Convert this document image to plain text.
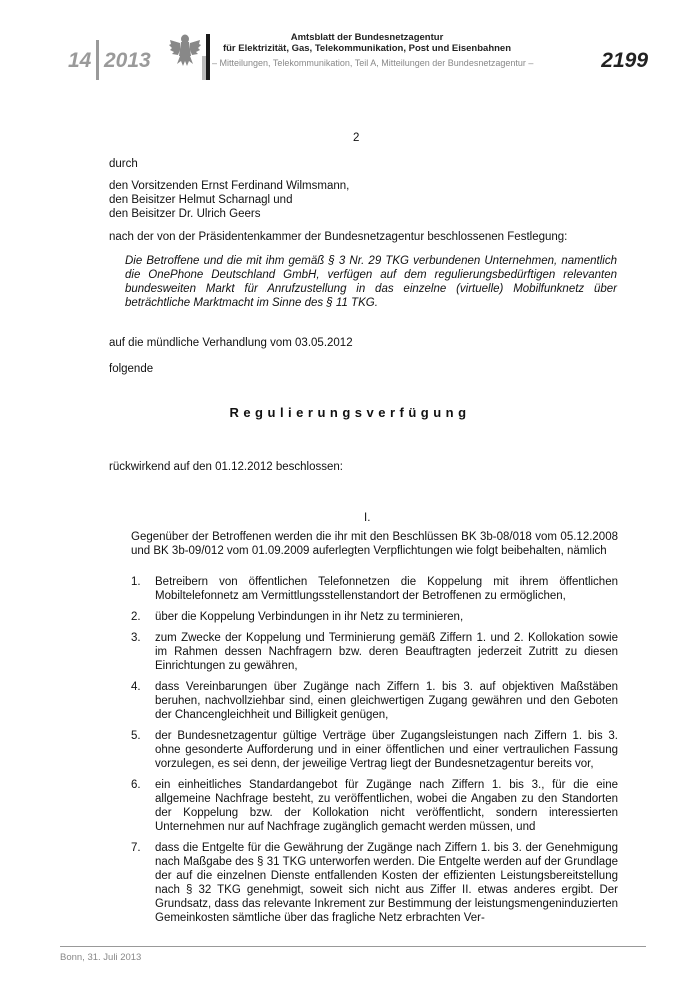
14 2013
Amtsblatt der Bundesnetzagentur
für Elektrizität, Gas, Telekommunikation, Post und Eisenbahnen
– Mitteilungen, Telekommunikation, Teil A, Mitteilungen der Bundesnetzagentur –	2199
2
durch
den Vorsitzenden Ernst Ferdinand Wilmsmann,
den Beisitzer Helmut Scharnagl und
den Beisitzer Dr. Ulrich Geers
nach der von der Präsidentenkammer der Bundesnetzagentur beschlossenen Festlegung:
Die Betroffene und die mit ihm gemäß § 3 Nr. 29 TKG verbundenen Unternehmen, namentlich die OnePhone Deutschland GmbH, verfügen auf dem regulierungsbedürftigen relevanten bundesweiten Markt für Anrufzustellung in das einzelne (virtuelle) Mobilfunknetz über beträchtliche Marktmacht im Sinne des § 11 TKG.
auf die mündliche Verhandlung vom 03.05.2012
folgende
Regulierungsverfügung
rückwirkend auf den 01.12.2012 beschlossen:
I.
Gegenüber der Betroffenen werden die ihr mit den Beschlüssen BK 3b-08/018 vom 05.12.2008 und BK 3b-09/012 vom 01.09.2009 auferlegten Verpflichtungen wie folgt beibehalten, nämlich
1. Betreibern von öffentlichen Telefonnetzen die Koppelung mit ihrem öffentlichen Mobiltelefonnetz am Vermittlungsstellenstandort der Betroffenen zu ermöglichen,
2. über die Koppelung Verbindungen in ihr Netz zu terminieren,
3. zum Zwecke der Koppelung und Terminierung gemäß Ziffern 1. und 2. Kollokation sowie im Rahmen dessen Nachfragern bzw. deren Beauftragten jederzeit Zutritt zu diesen Einrichtungen zu gewähren,
4. dass Vereinbarungen über Zugänge nach Ziffern 1. bis 3. auf objektiven Maßstäben beruhen, nachvollziehbar sind, einen gleichwertigen Zugang gewähren und den Geboten der Chancengleichheit und Billigkeit genügen,
5. der Bundesnetzagentur gültige Verträge über Zugangsleistungen nach Ziffern 1. bis 3. ohne gesonderte Aufforderung und in einer öffentlichen und einer vertraulichen Fassung vorzulegen, es sei denn, der jeweilige Vertrag liegt der Bundesnetzagentur bereits vor,
6. ein einheitliches Standardangebot für Zugänge nach Ziffern 1. bis 3., für die eine allgemeine Nachfrage besteht, zu veröffentlichen, wobei die Angaben zu den Standorten der Koppelung bzw. der Kollokation nicht veröffentlicht, sondern interessierten Unternehmen nur auf Nachfrage zugänglich gemacht werden müssen, und
7. dass die Entgelte für die Gewährung der Zugänge nach Ziffern 1. bis 3. der Genehmigung nach Maßgabe des § 31 TKG unterworfen werden. Die Entgelte werden auf der Grundlage der auf die einzelnen Dienste entfallenden Kosten der effizienten Leistungsbereitstellung nach § 32 TKG genehmigt, soweit sich nicht aus Ziffer II. etwas anderes ergibt. Der Grundsatz, dass das relevante Inkrement zur Bestimmung der leistungsmengeninduzierten Gemeinkosten sämtliche über das fragliche Netz erbrachten Ver-
Bonn, 31. Juli 2013
